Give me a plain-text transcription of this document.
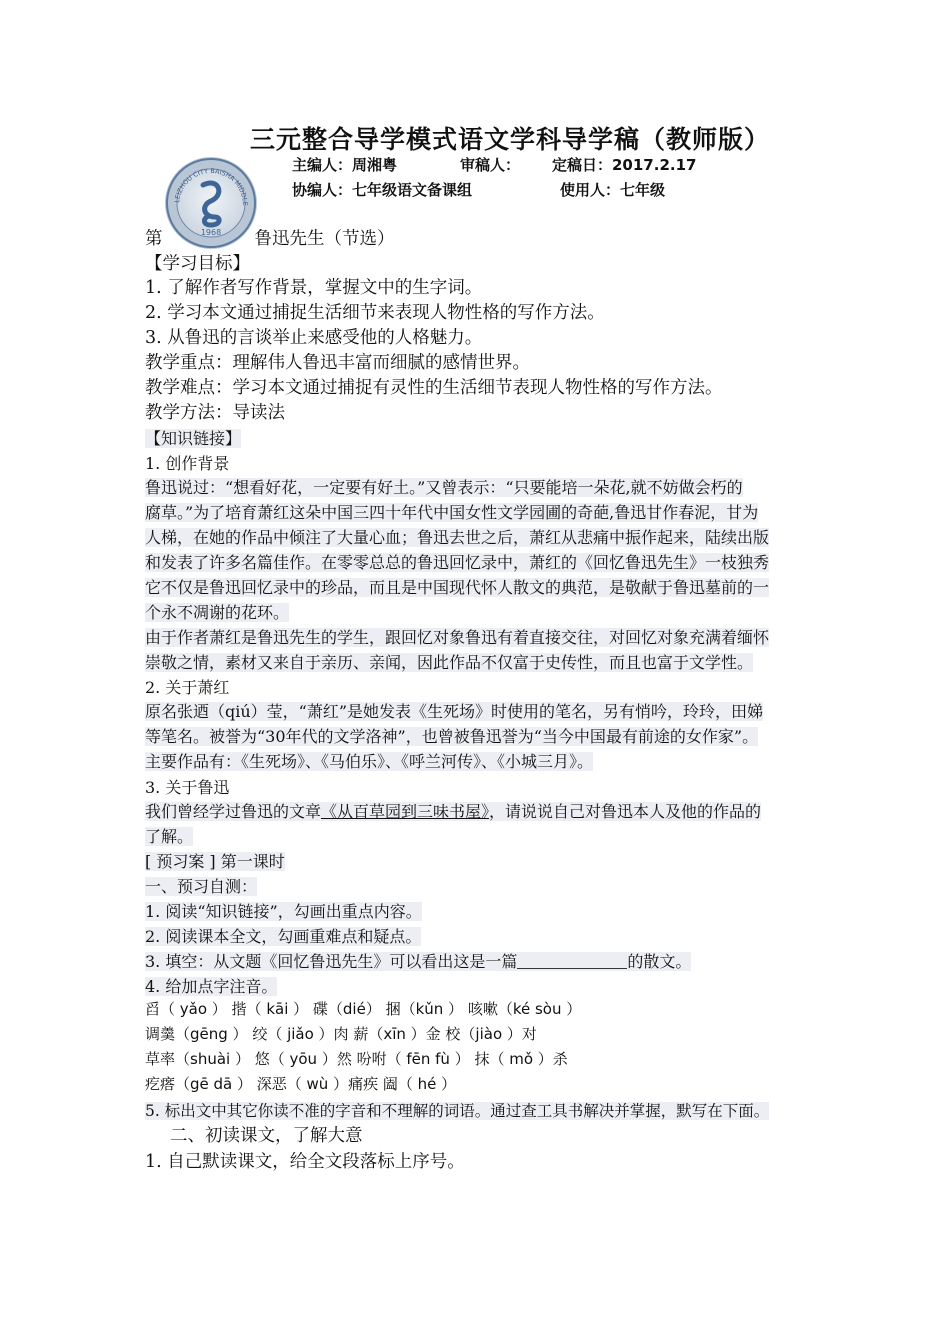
三元整合导学模式语文学科导学稿（教师版）
主编人：周湘粤	审稿人： 定稿日：2017.2.17
协编人：七年级语文备课组	使用人：七年级
LEIZHOU CITY BAISHA MIDDLE
1968
第	鲁迅先生（节选）
【学习目标】
1. 了解作者写作背景，掌握文中的生字词。
2. 学习本文通过捕捉生活细节来表现人物性格的写作方法。
3. 从鲁迅的言谈举止来感受他的人格魅力。
教学重点：理解伟人鲁迅丰富而细腻的感情世界。
教学难点：学习本文通过捕捉有灵性的生活细节表现人物性格的写作方法。
教学方法：导读法
【知识链接】
1. 创作背景
鲁迅说过：“想看好花，一定要有好土。”又曾表示：“只要能培一朵花,就不妨做会朽的
腐草。”为了培育萧红这朵中国三四十年代中国女性文学园圃的奇葩,鲁迅甘作春泥，甘为
人梯，在她的作品中倾注了大量心血；鲁迅去世之后，萧红从悲痛中振作起来，陆续出版
和发表了许多名篇佳作。在零零总总的鲁迅回忆录中，萧红的《回忆鲁迅先生》一枝独秀
它不仅是鲁迅回忆录中的珍品，而且是中国现代怀人散文的典范，是敬献于鲁迅墓前的一
个永不凋谢的花环。
由于作者萧红是鲁迅先生的学生，跟回忆对象鲁迅有着直接交往，对回忆对象充满着缅怀
崇敬之情，素材又来自于亲历、亲闻，因此作品不仅富于史传性，而且也富于文学性。
2. 关于萧红
原名张迺（qiú）莹，“萧红”是她发表《生死场》时使用的笔名，另有悄吟，玲玲，田娣
等笔名。被誉为“30年代的文学洛神”，也曾被鲁迅誉为“当今中国最有前途的女作家”。
主要作品有：《生死场》、《马伯乐》、《呼兰河传》、《小城三月》。
3. 关于鲁迅
我们曾经学过鲁迅的文章《从百草园到三味书屋》，请说说自己对鲁迅本人及他的作品的
了解。
[ 预习案 ] 第一课时
一、预习自测：
1. 阅读“知识链接”，勾画出重点内容。
2. 阅读课本全文，勾画重难点和疑点。
3. 填空：从文题《回忆鲁迅先生》可以看出这是一篇	的散文。
4. 给加点字注音。
舀（ yǎo ） 揩（ kāi ） 碟（dié） 捆（kǔn ） 咳嗽（ké sòu ）
调羹（gēng ） 绞（ jiǎo ）肉 薪（xīn ）金 校（jiào ）对
草率（shuài ） 悠（ yōu ）然 吩咐（ fēn fù ） 抹（ mǒ ）杀
疙瘩（gē dā ） 深恶（ wù ）痛疾 阖（ hé ）
5. 标出文中其它你读不准的字音和不理解的词语。通过查工具书解决并掌握，默写在下面。
二、初读课文，了解大意
1. 自己默读课文，给全文段落标上序号。
